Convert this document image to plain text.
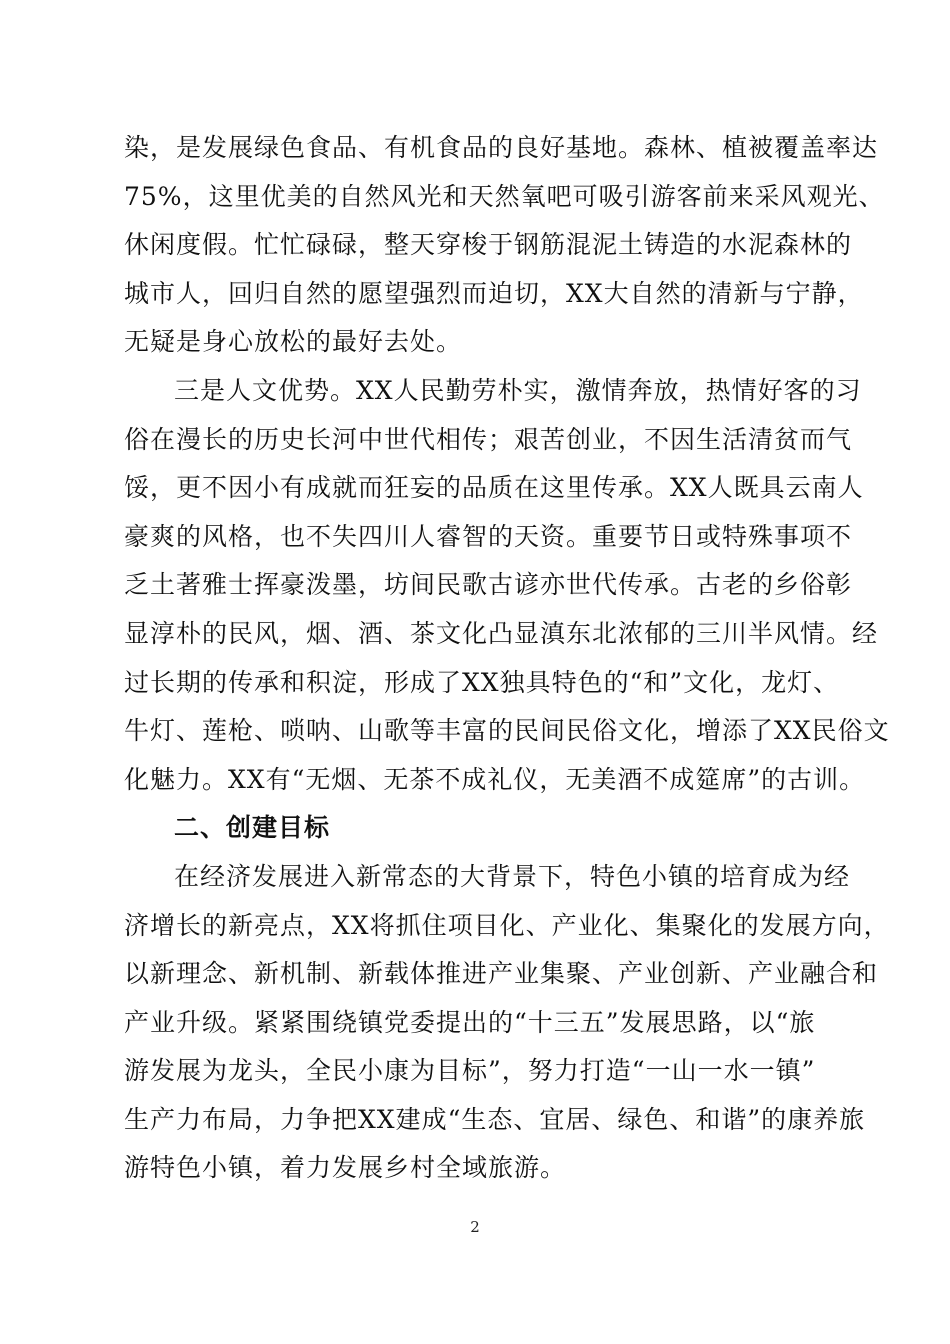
染，是发展绿色食品、有机食品的良好基地。森林、植被覆盖率达
75%，这里优美的自然风光和天然氧吧可吸引游客前来采风观光、
休闲度假。忙忙碌碌，整天穿梭于钢筋混泥土铸造的水泥森林的
城市人，回归自然的愿望强烈而迫切，XX大自然的清新与宁静，
无疑是身心放松的最好去处。
三是人文优势。XX人民勤劳朴实，激情奔放，热情好客的习
俗在漫长的历史长河中世代相传；艰苦创业，不因生活清贫而气
馁，更不因小有成就而狂妄的品质在这里传承。XX人既具云南人
豪爽的风格，也不失四川人睿智的天资。重要节日或特殊事项不
乏土著雅士挥豪泼墨，坊间民歌古谚亦世代传承。古老的乡俗彰
显淳朴的民风，烟、酒、茶文化凸显滇东北浓郁的三川半风情。经
过长期的传承和积淀，形成了XX独具特色的“和”文化，龙灯、
牛灯、莲枪、唢呐、山歌等丰富的民间民俗文化，增添了XX民俗文
化魅力。XX有“无烟、无茶不成礼仪，无美酒不成筵席”的古训。
二、创建目标
在经济发展进入新常态的大背景下，特色小镇的培育成为经
济增长的新亮点，XX将抓住项目化、产业化、集聚化的发展方向，
以新理念、新机制、新载体推进产业集聚、产业创新、产业融合和
产业升级。紧紧围绕镇党委提出的“十三五”发展思路，以“旅
游发展为龙头，全民小康为目标”，努力打造“一山一水一镇”
生产力布局，力争把XX建成“生态、宜居、绿色、和谐”的康养旅
游特色小镇，着力发展乡村全域旅游。
2
